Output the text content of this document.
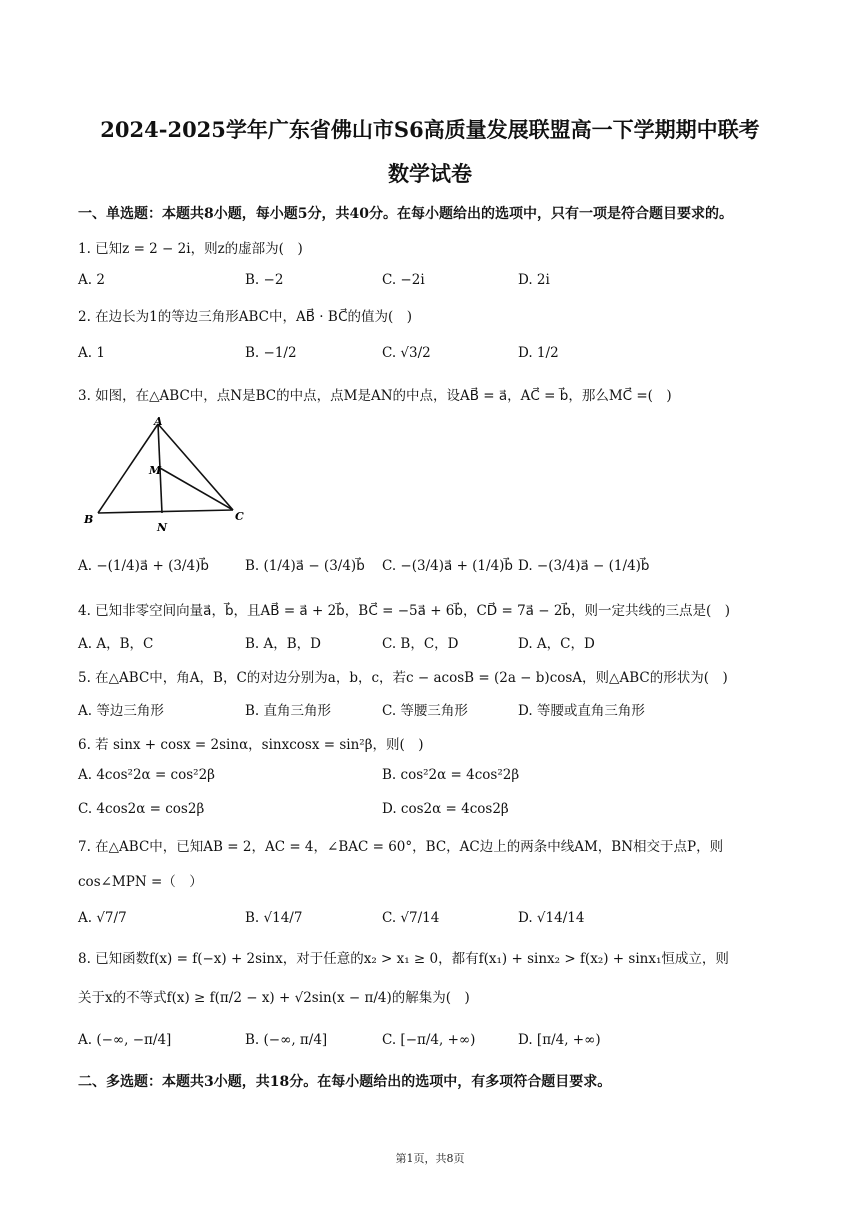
2024-2025学年广东省佛山市S6高质量发展联盟高一下学期期中联考
数学试卷
一、单选题：本题共8小题，每小题5分，共40分。在每小题给出的选项中，只有一项是符合题目要求的。
1. 已知z = 2 − 2i，则z的虚部为(　)
A. 2	B. −2	C. −2i	D. 2i
2. 在边长为1的等边三角形ABC中，AB⃗ · BC⃗的值为(　)
A. 1	B. −1/2	C. √3/2	D. 1/2
3. 如图，在△ABC中，点N是BC的中点，点M是AN的中点，设AB⃗ = a⃗，AC⃗ = b⃗，那么MC⃗ =(　)
A
B	C
M
N
A. −(1/4)a⃗ + (3/4)b⃗	B. (1/4)a⃗ − (3/4)b⃗ C. −(3/4)a⃗ + (1/4)b⃗ D. −(3/4)a⃗ − (1/4)b⃗
4. 已知非零空间向量a⃗，b⃗，且AB⃗ = a⃗ + 2b⃗，BC⃗ = −5a⃗ + 6b⃗，CD⃗ = 7a⃗ − 2b⃗，则一定共线的三点是(　)
A. A，B，C	B. A，B，D	C. B，C，D	D. A，C，D
5. 在△ABC中，角A，B，C的对边分别为a，b，c，若c − acosB = (2a − b)cosA，则△ABC的形状为(　)
A. 等边三角形	B. 直角三角形	C. 等腰三角形	D. 等腰或直角三角形
6. 若 sinx + cosx = 2sinα，sinxcosx = sin²β，则(　)
A. 4cos²2α = cos²2β	B. cos²2α = 4cos²2β
C. 4cos2α = cos2β	D. cos2α = 4cos2β
7. 在△ABC中，已知AB = 2，AC = 4，∠BAC = 60°，BC，AC边上的两条中线AM，BN相交于点P，则
cos∠MPN =（　）
A. √7/7	B. √14/7	C. √7/14	D. √14/14
8. 已知函数f(x) = f(−x) + 2sinx，对于任意的x₂ > x₁ ≥ 0，都有f(x₁) + sinx₂ > f(x₂) + sinx₁恒成立，则
关于x的不等式f(x) ≥ f(π/2 − x) + √2sin(x − π/4)的解集为(　)
A. (−∞, −π/4]	B. (−∞, π/4]	C. [−π/4, +∞)	D. [π/4, +∞)
二、多选题：本题共3小题，共18分。在每小题给出的选项中，有多项符合题目要求。
第1页，共8页
